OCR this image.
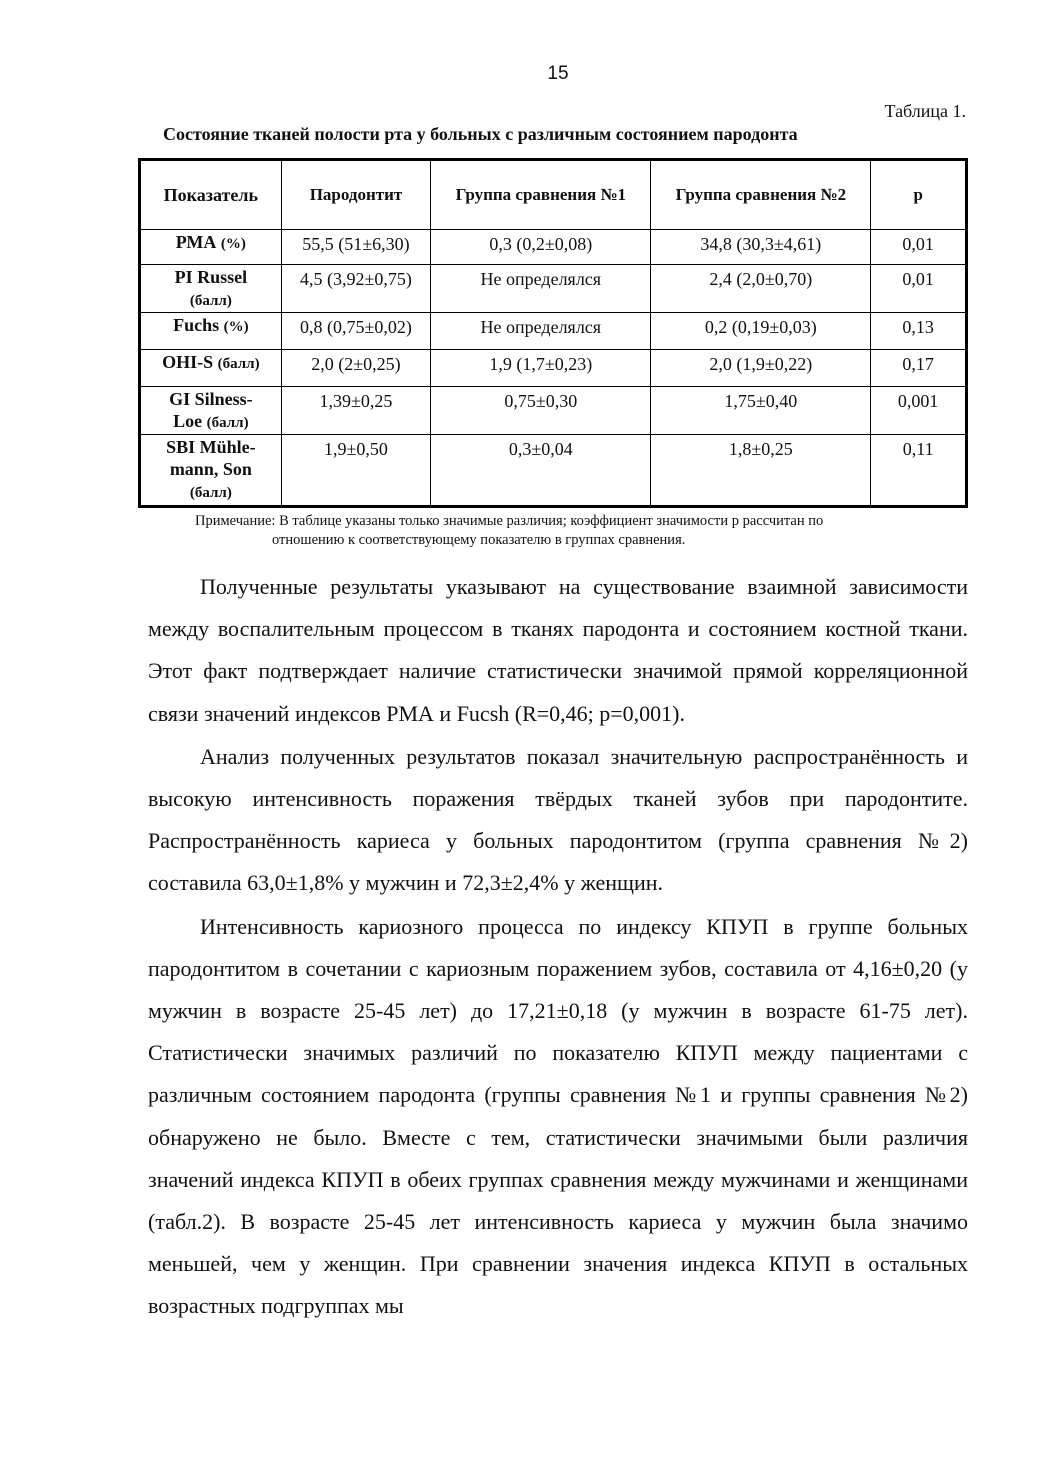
15
Таблица 1.
Состояние тканей полости рта у больных с различным состоянием пародонта
Показатель	Пародонтит	Группа сравнения №1	Группа сравнения №2	p
РМА (%)	55,5 (51±6,30)	0,3 (0,2±0,08)	34,8 (30,3±4,61)	0,01
PI Russel
(балл)	4,5 (3,92±0,75)	Не определялся	2,4 (2,0±0,70)	0,01
Fuchs (%)	0,8 (0,75±0,02)	Не определялся	0,2 (0,19±0,03)	0,13
OHI-S (балл)	2,0 (2±0,25)	1,9 (1,7±0,23)	2,0 (1,9±0,22)	0,17
GI Silness-
Loe (балл)	1,39±0,25	0,75±0,30	1,75±0,40	0,001
SBI Mühle-
mann, Son
(балл)	1,9±0,50	0,3±0,04	1,8±0,25	0,11
Примечание: В таблице указаны только значимые различия; коэффициент значимости р рассчитан по
отношению к соответствующему показателю в группах сравнения.

Полученные результаты указывают на существование взаимной зависимости между воспалительным процессом в тканях пародонта и состоянием костной ткани. Этот факт подтверждает наличие статистически значимой прямой корреляционной связи значений индексов РМА и Fucsh (R=0,46; p=0,001).

Анализ полученных результатов показал значительную распространённость и высокую интенсивность поражения твёрдых тканей зубов при пародонтите. Распространённость кариеса у больных пародонтитом (группа сравнения №2) составила 63,0±1,8% у мужчин и 72,3±2,4% у женщин.

Интенсивность кариозного процесса по индексу КПУП в группе больных пародонтитом в сочетании с кариозным поражением зубов, составила от 4,16±0,20 (у мужчин в возрасте 25-45 лет) до 17,21±0,18 (у мужчин в возрасте 61-75 лет). Статистически значимых различий по показателю КПУП между пациентами с различным состоянием пародонта (группы сравнения №1 и группы сравнения №2) обнаружено не было. Вместе с тем, статистически значимыми были различия значений индекса КПУП в обеих группах сравнения между мужчинами и женщинами (табл.2). В возрасте 25-45 лет интенсивность кариеса у мужчин была значимо меньшей, чем у женщин. При сравнении значения индекса КПУП в остальных возрастных подгруппах мы
